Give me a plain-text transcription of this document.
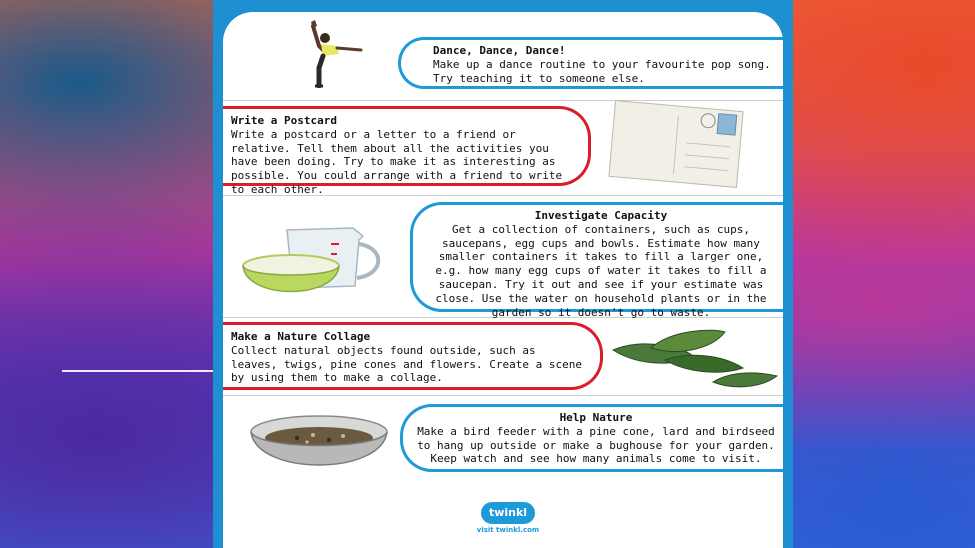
Dance, Dance, Dance!
Make up a dance routine to your favourite pop song. Try teaching it to someone else.
Write a Postcard
Write a postcard or a letter to a friend or relative. Tell them about all the activities you have been doing. Try to make it as interesting as possible. You could arrange with a friend to write to each other.
Investigate Capacity
Get a collection of containers, such as cups, saucepans, egg cups and bowls. Estimate how many smaller containers it takes to fill a larger one, e.g. how many egg cups of water it takes to fill a saucepan. Try it out and see if your estimate was close. Use the water on household plants or in the garden so it doesn't go to waste.
Make a Nature Collage
Collect natural objects found outside, such as leaves, twigs, pine cones and flowers. Create a scene by using them to make a collage.
Help Nature
Make a bird feeder with a pine cone, lard and birdseed to hang up outside or make a bughouse for your garden. Keep watch and see how many animals come to visit.
twinkl
visit twinkl.com
